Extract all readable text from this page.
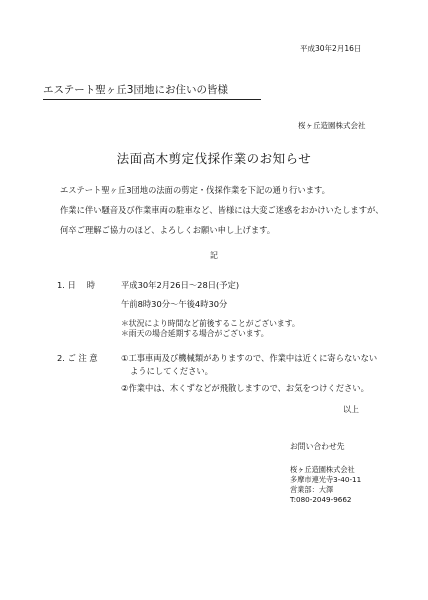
平成30年2月16日
エステート聖ヶ丘3団地にお住いの皆様
桜ヶ丘造園株式会社
法面高木剪定伐採作業のお知らせ
エステート聖ヶ丘3団地の法面の剪定・伐採作業を下記の通り行います。
作業に伴い騒音及び作業車両の駐車など、皆様には大変ご迷惑をおかけいたしますが、
何卒ご理解ご協力のほど、よろしくお願い申し上げます。
記
1. 日　 時	平成30年2月26日～28日(予定)
午前8時30分～午後4時30分
＊状況により時間など前後することがございます。
＊雨天の場合延期する場合がございます。
2. ご 注 意	①工事車両及び機械類がありますので、作業中は近くに寄らないない
ようにしてください。
②作業中は、木くずなどが飛散しますので、お気をつけください。
以上
お問い合わせ先
桜ヶ丘造園株式会社
多摩市連光寺3-40-11
営業部：大澤
T:080-2049-9662
